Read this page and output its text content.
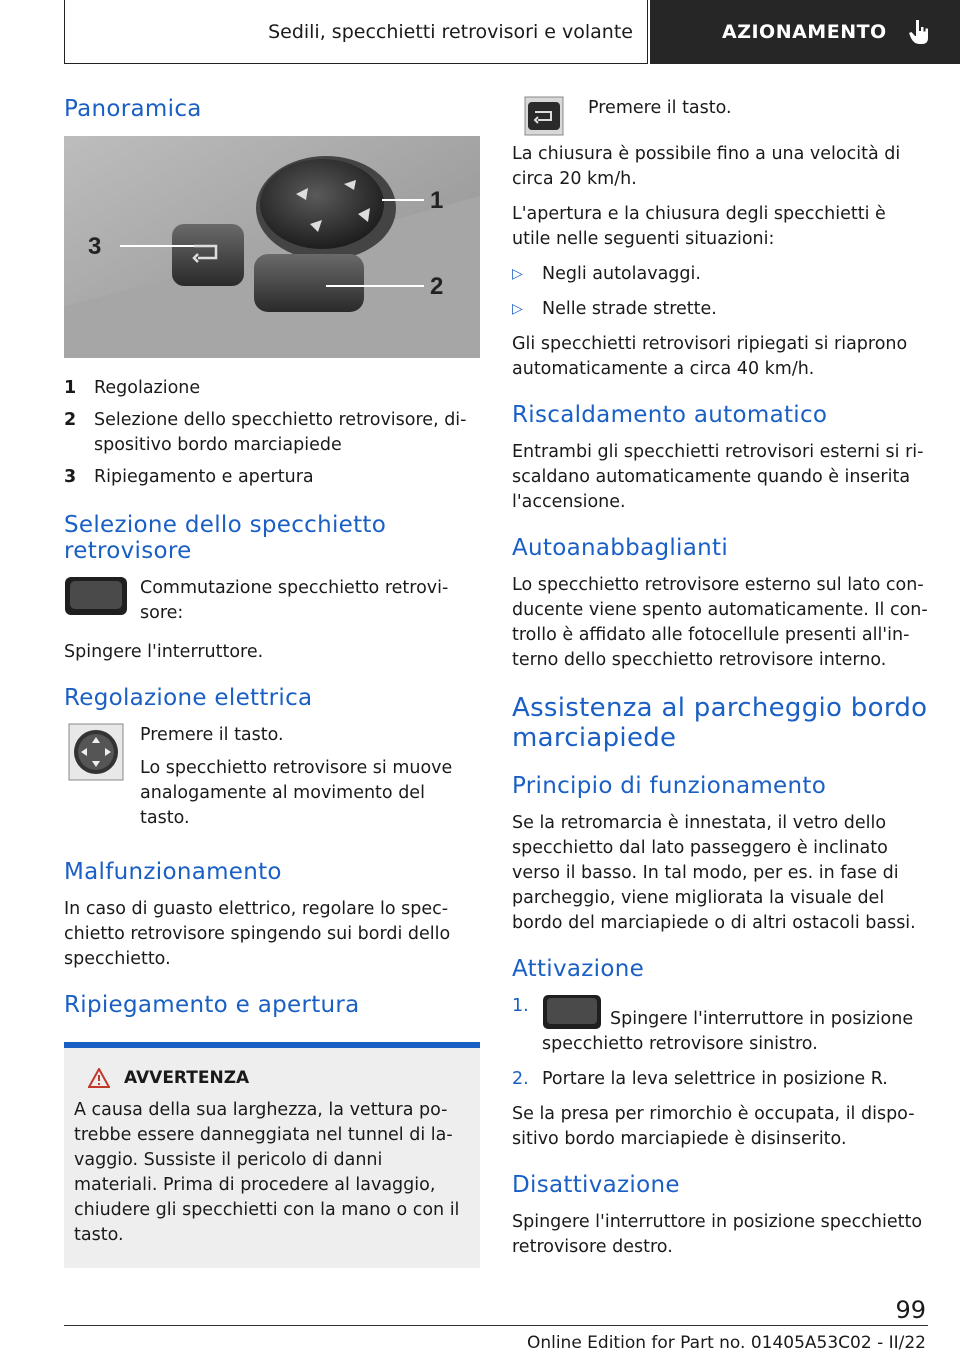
Sedili, specchietti retrovisori e volante	AZIONAMENTO
Panoramica
1
2
3
1	Regolazione
2	Selezione dello specchietto retrovisore, di-spositivo bordo marciapiede
3	Ripiegamento e apertura
Selezione dello specchietto retrovisore

Commutazione specchietto retrovi-sore:

Spingere l'interruttore.

Regolazione elettrica

Premere il tasto.

Lo specchietto retrovisore si muove analogamente al movimento del tasto.

Malfunzionamento

In caso di guasto elettrico, regolare lo spec-chietto retrovisore spingendo sui bordi dello specchietto.

Ripiegamento e apertura
AVVERTENZA

A causa della sua larghezza, la vettura po-trebbe essere danneggiata nel tunnel di la-vaggio. Sussiste il pericolo di danni materiali. Prima di procedere al lavaggio, chiudere gli specchietti con la mano o con il tasto.

Premere il tasto.

La chiusura è possibile fino a una velocità di circa 20 km/h.

L'apertura e la chiusura degli specchietti è utile nelle seguenti situazioni:

▷	Negli autolavaggi.
▷	Nelle strade strette.

Gli specchietti retrovisori ripiegati si riaprono automaticamente a circa 40 km/h.

Riscaldamento automatico

Entrambi gli specchietti retrovisori esterni si ri-scaldano automaticamente quando è inserita l'accensione.

Autoanabbaglianti

Lo specchietto retrovisore esterno sul lato con-ducente viene spento automaticamente. Il con-trollo è affidato alle fotocellule presenti all'in-terno dello specchietto retrovisore interno.

Assistenza al parcheggio bordo marciapiede
Principio di funzionamento

Se la retromarcia è innestata, il vetro dello specchietto dal lato passeggero è inclinato verso il basso. In tal modo, per es. in fase di parcheggio, viene migliorata la visuale del bordo del marciapiede o di altri ostacoli bassi.

Attivazione
1.
Spingere l'interruttore in posizione specchietto retrovisore sinistro.
2. Portare la leva selettrice in posizione R.

Se la presa per rimorchio è occupata, il dispo-sitivo bordo marciapiede è disinserito.

Disattivazione

Spingere l'interruttore in posizione specchietto retrovisore destro.

99
Online Edition for Part no. 01405A53C02 - II/22
